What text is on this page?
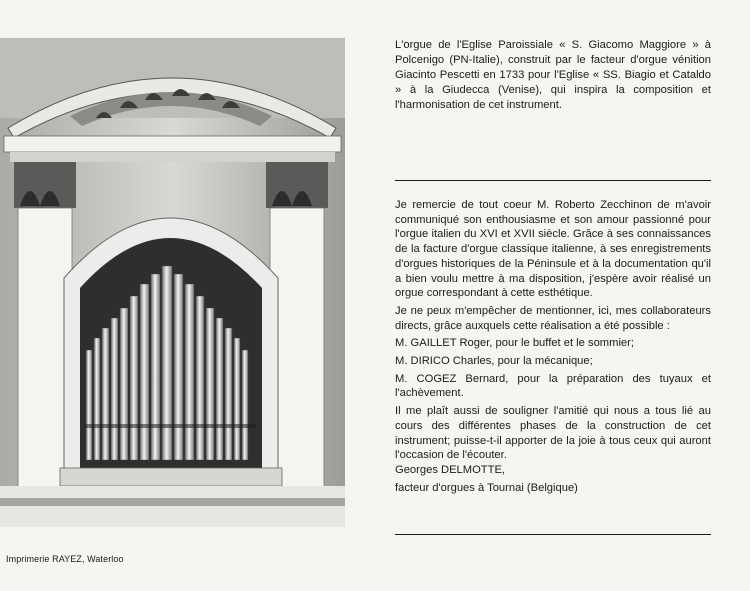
L'orgue de l'Eglise Paroissiale « S. Giacomo Maggiore » à Polcenigo (PN-Italie), construit par le facteur d'orgue vénition Giacinto Pescetti en 1733 pour l'Eglise « SS. Biagio et Cataldo » à la Giudecca (Venise), qui inspira la composition et l'harmonisation de cet instrument.

Je remercie de tout coeur M. Roberto Zecchinon de m'avoir communiqué son enthousiasme et son amour passionné pour l'orgue italien du XVI et XVII siècle. Grâce à ses connaissances de la facture d'orgue classique italienne, à ses enregistrements d'orgues historiques de la Péninsule et à la documentation qu'il a bien voulu mettre à ma disposition, j'espère avoir réalisé un orgue correspondant à cette esthétique.

Je ne peux m'empêcher de mentionner, ici, mes collaborateurs directs, grâce auxquels cette réalisation a été possible :

M. GAILLET Roger, pour le buffet et le sommier;

M. DIRICO Charles, pour la mécanique;

M. COGEZ Bernard, pour la préparation des tuyaux et l'achèvement.

Il me plaît aussi de souligner l'amitié qui nous a tous lié au cours des différentes phases de la construction de cet instrument; puisse-t-il apporter de la joie à tous ceux qui auront l'occasion de l'écouter.

Georges DELMOTTE,

facteur d'orgues à Tournai (Belgique)

Imprimerie RAYEZ, Waterloo
